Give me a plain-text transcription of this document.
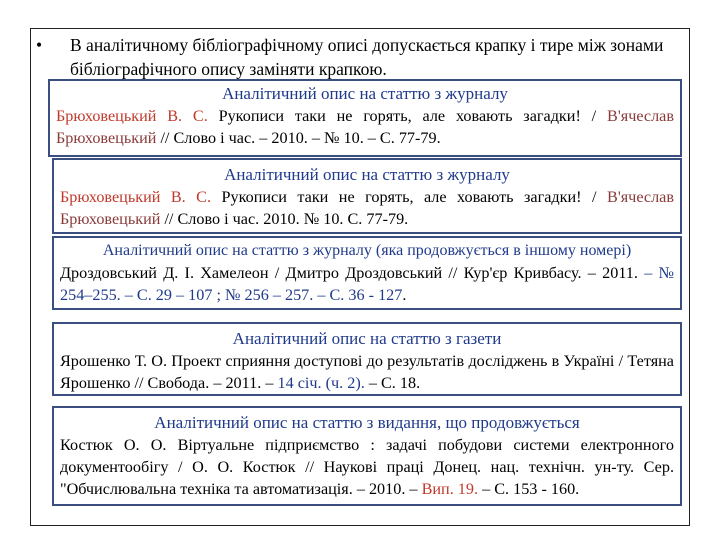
• В аналітичному бібліографічному описі допускається крапку і тире між зонами бібліографічного опису заміняти крапкою.
Аналітичний опис на статтю з журналу
Брюховецький В. С. Рукописи таки не горять, але ховають загадки! / В'ячеслав Брюховецький // Слово і час. – 2010. – № 10. – С. 77-79.
Аналітичний опис на статтю з журналу
Брюховецький В. С. Рукописи таки не горять, але ховають загадки! / В'ячеслав Брюховецький // Слово і час. 2010. № 10. С. 77-79.
Аналітичний опис на статтю з журналу (яка продовжується в іншому номері)
Дроздовський Д. І. Хамелеон / Дмитро Дроздовський // Кур'єр Кривбасу. – 2011. – № 254–255. – С. 29 – 107 ; № 256 – 257. – С. 36 - 127.
Аналітичний опис на статтю з газети
Ярошенко Т. О. Проект сприяння доступові до результатів досліджень в Україні / Тетяна Ярошенко // Свобода. – 2011. – 14 січ. (ч. 2). – С. 18.
Аналітичний опис на статтю з видання, що продовжується
Костюк О. О. Віртуальне підприємство : задачі побудови системи електронного документообігу / О. О. Костюк // Наукові праці Донец. нац. технічн. ун-ту. Сер. "Обчислювальна техніка та автоматизація. – 2010. – Вип. 19. – С. 153 - 160.
